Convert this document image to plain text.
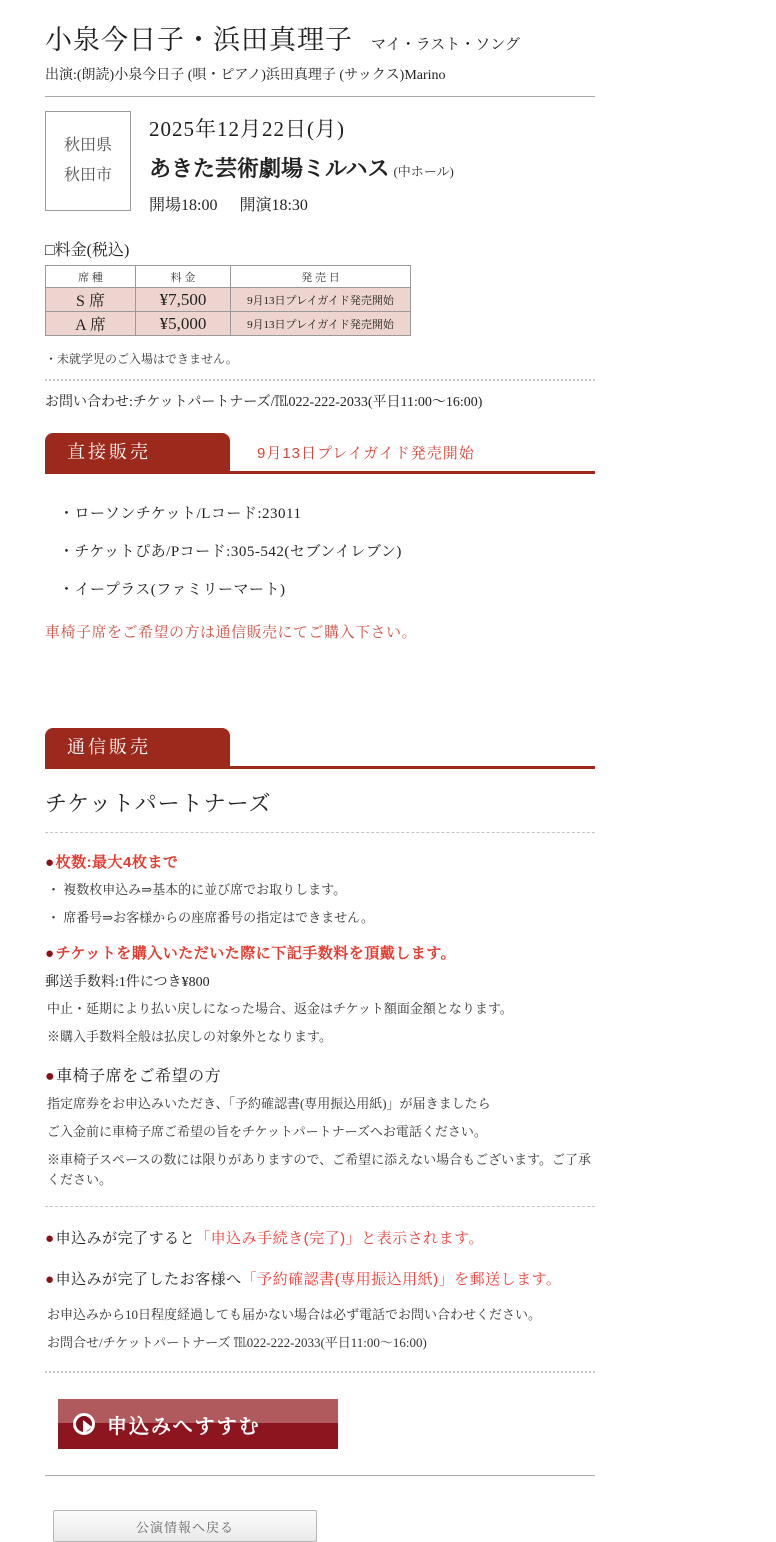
小泉今日子・浜田真理子 マイ・ラスト・ソング
出演:(朗読)小泉今日子 (唄・ピアノ)浜田真理子 (サックス)Marino
秋田県
秋田市
2025年12月22日(月)
あきた芸術劇場ミルハス (中ホール)
開場18:00 開演18:30
□料金(税込)
席 種	料 金	発 売 日
S 席	¥7,500	9月13日プレイガイド発売開始
A 席	¥5,000	9月13日プレイガイド発売開始
・未就学児のご入場はできません。
お問い合わせ:チケットパートナーズ/℡022-222-2033(平日11:00〜16:00)
直接販売	9月13日プレイガイド発売開始
・ローソンチケット/Lコード:23011
・チケットぴあ/Pコード:305-542(セブンイレブン)
・イープラス(ファミリーマート)
車椅子席をご希望の方は通信販売にてご購入下さい。
通信販売
チケットパートナーズ
● 枚数:最大4枚まで
・ 複数枚申込み⇒基本的に並び席でお取りします。
・ 席番号⇒お客様からの座席番号の指定はできません。
● チケットを購入いただいた際に下記手数料を頂戴します。
郵送手数料:1件につき¥800
中止・延期により払い戻しになった場合、返金はチケット額面金額となります。
※購入手数料全般は払戻しの対象外となります。
● 車椅子席をご希望の方
指定席券をお申込みいただき、「予約確認書(専用振込用紙)」が届きましたら
ご入金前に車椅子席ご希望の旨をチケットパートナーズへお電話ください。
※車椅子スペースの数には限りがありますので、ご希望に添えない場合もございます。ご了承ください。
● 申込みが完了すると「申込み手続き(完了)」と表示されます。
● 申込みが完了したお客様へ「予約確認書(専用振込用紙)」を郵送します。
お申込みから10日程度経過しても届かない場合は必ず電話でお問い合わせください。
お問合せ/チケットパートナーズ ℡022-222-2033(平日11:00〜16:00)
申込みへすすむ
公演情報へ戻る
